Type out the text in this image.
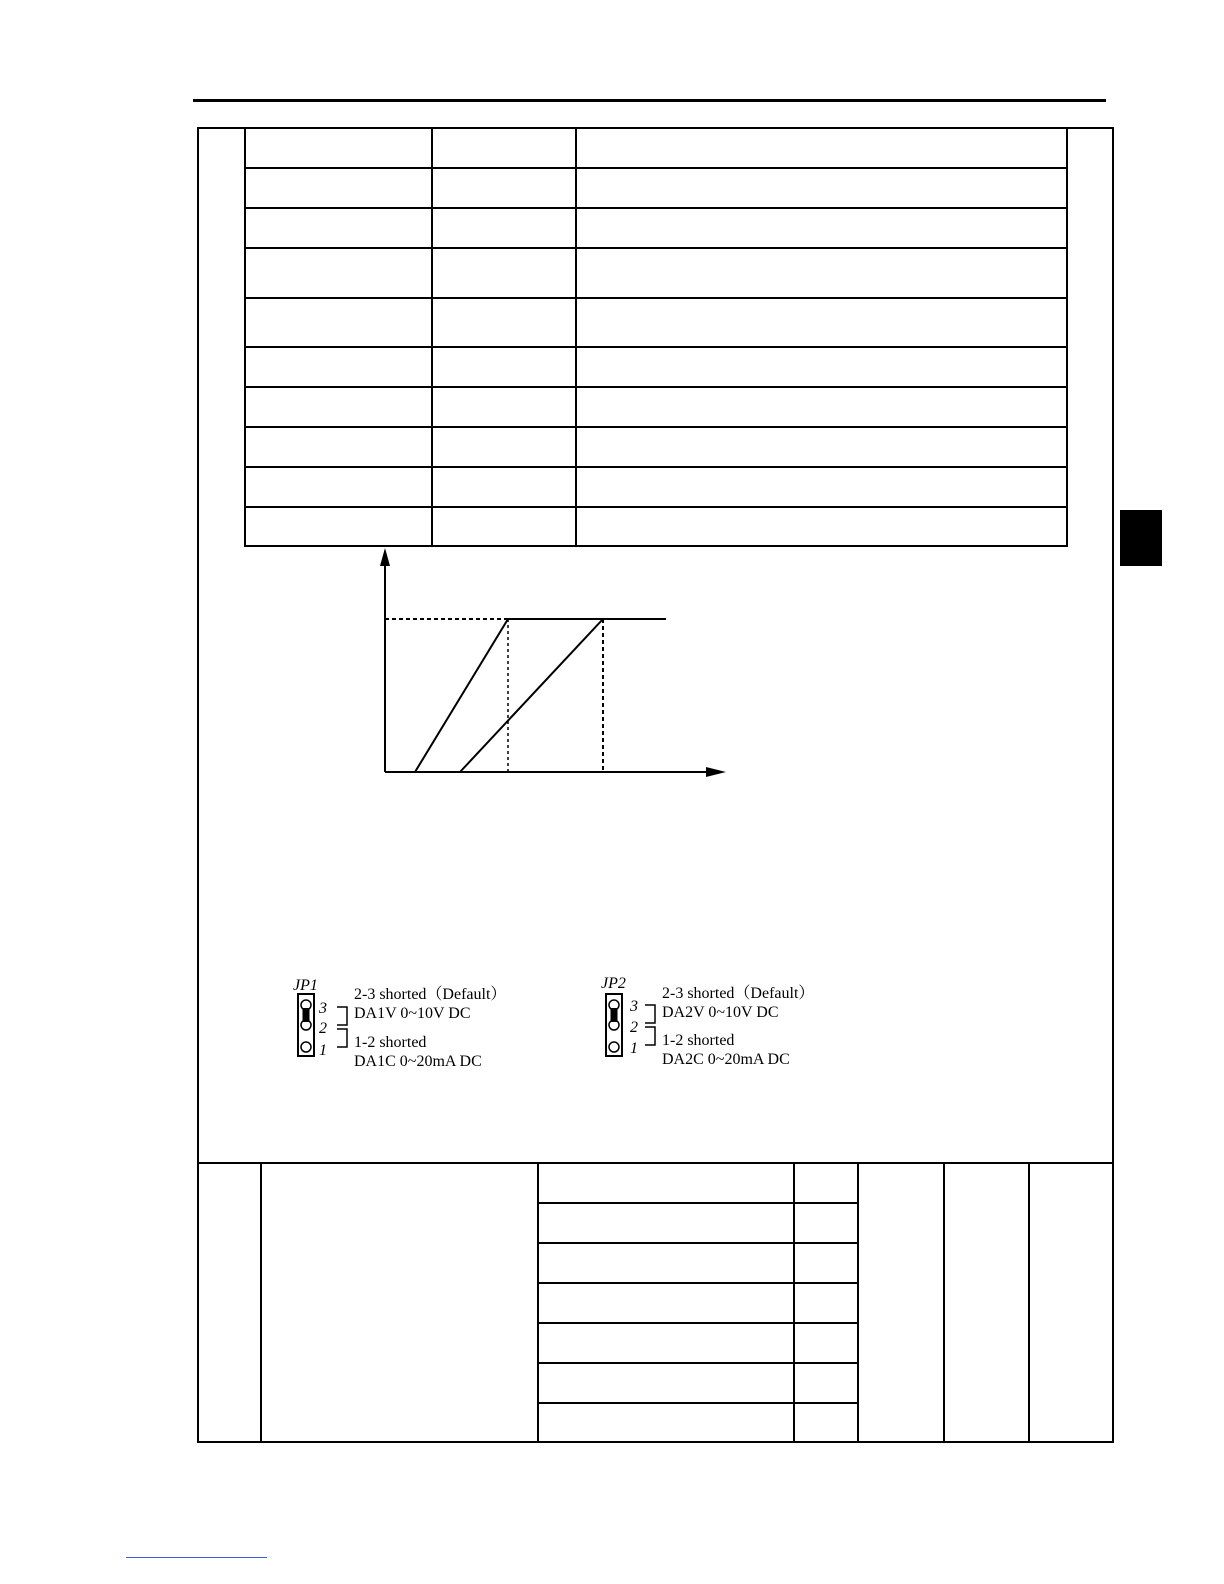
JP1
3
2
1
2-3 shorted（Default）
DA1V 0~10V DC
1-2 shorted
DA1C 0~20mA DC
JP2
3
2
1
2-3 shorted（Default）
DA2V 0~10V DC
1-2 shorted
DA2C 0~20mA DC
